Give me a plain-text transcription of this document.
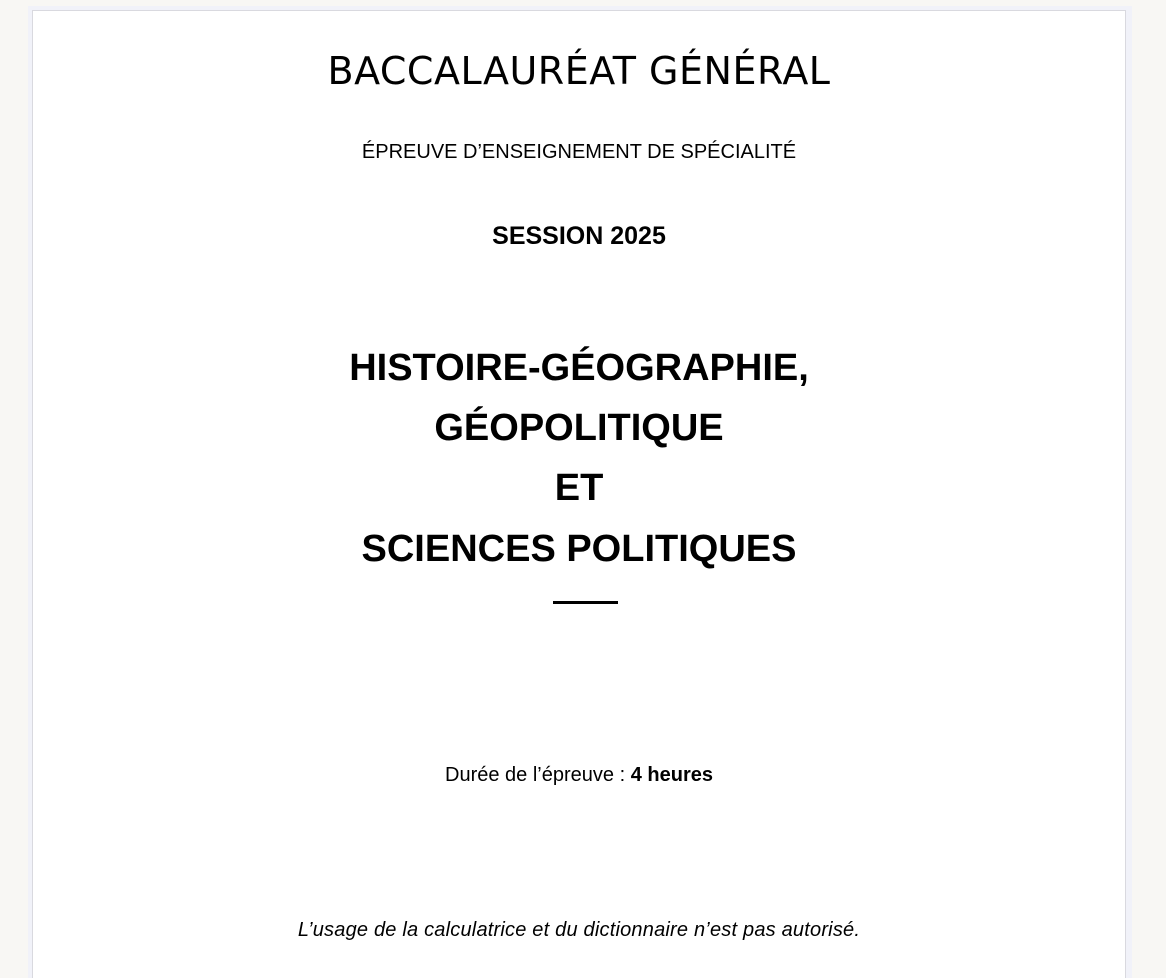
BACCALAURÉAT GÉNÉRAL
ÉPREUVE D’ENSEIGNEMENT DE SPÉCIALITÉ
SESSION 2025
HISTOIRE-GÉOGRAPHIE,
GÉOPOLITIQUE
ET
SCIENCES POLITIQUES
Durée de l’épreuve : 4 heures
L’usage de la calculatrice et du dictionnaire n’est pas autorisé.
